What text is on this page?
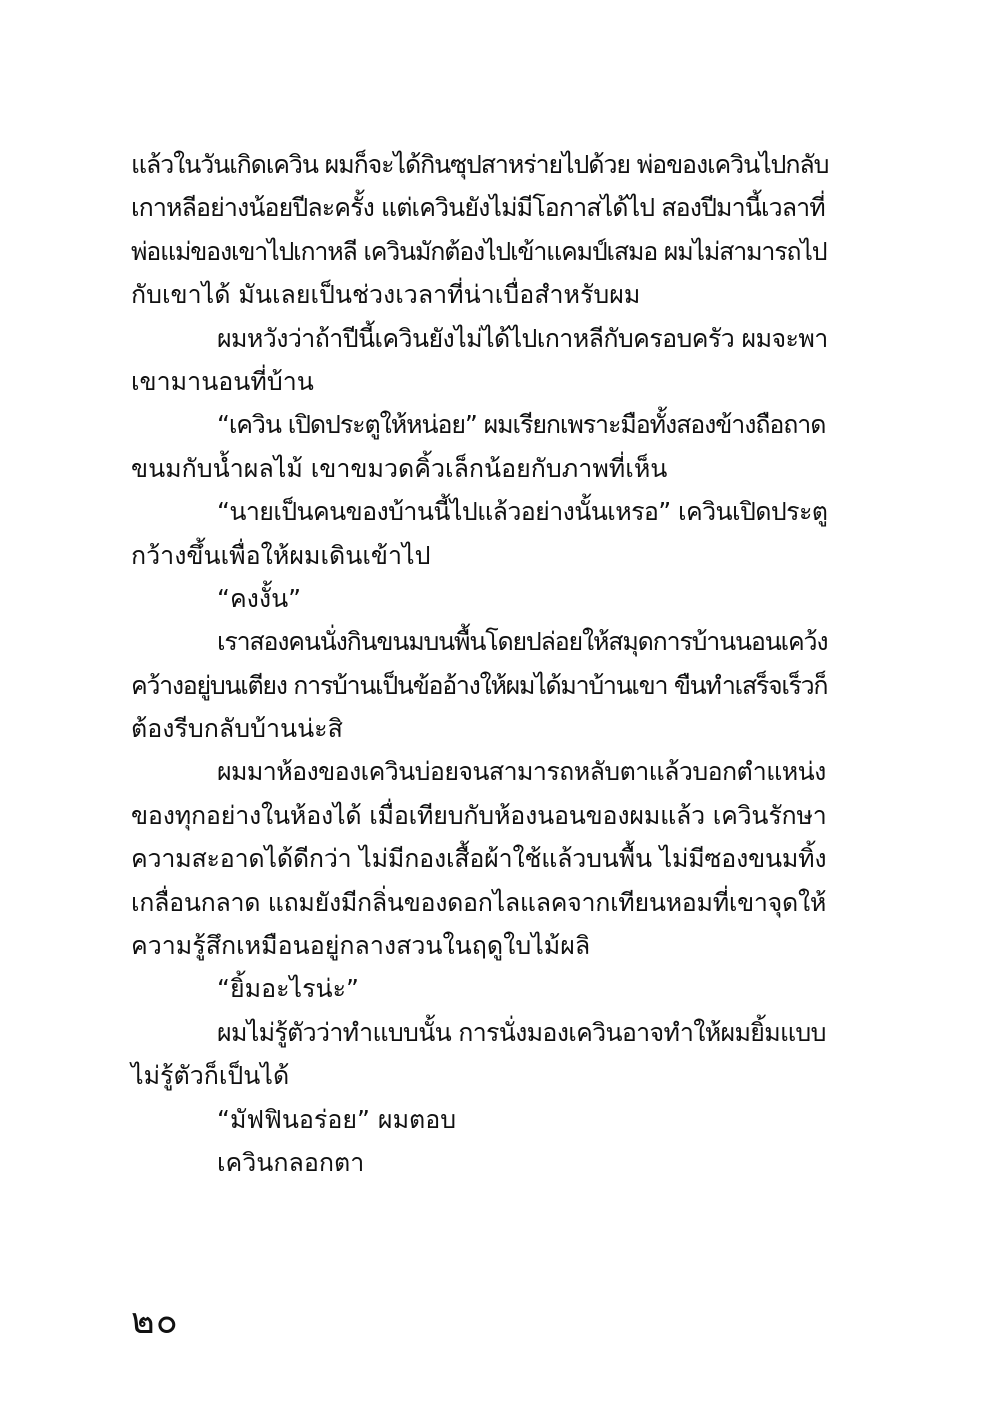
แล้วในวันเกิดเควิน ผมก็จะได้กินซุปสาหร่ายไปด้วย พ่อของเควินไปกลับ
เกาหลีอย่างน้อยปีละครั้ง แต่เควินยังไม่มีโอกาสได้ไป สองปีมานี้เวลาที่
พ่อแม่ของเขาไปเกาหลี เควินมักต้องไปเข้าแคมป์เสมอ ผมไม่สามารถไป
กับเขาได้ มันเลยเป็นช่วงเวลาที่น่าเบื่อสำหรับผม
ผมหวังว่าถ้าปีนี้เควินยังไม่ได้ไปเกาหลีกับครอบครัว ผมจะพา
เขามานอนที่บ้าน
“เควิน เปิดประตูให้หน่อย” ผมเรียกเพราะมือทั้งสองข้างถือถาด
ขนมกับน้ำผลไม้ เขาขมวดคิ้วเล็กน้อยกับภาพที่เห็น
“นายเป็นคนของบ้านนี้ไปแล้วอย่างนั้นเหรอ” เควินเปิดประตู
กว้างขึ้นเพื่อให้ผมเดินเข้าไป
“คงงั้น”
เราสองคนนั่งกินขนมบนพื้นโดยปล่อยให้สมุดการบ้านนอนเคว้ง
คว้างอยู่บนเตียง การบ้านเป็นข้ออ้างให้ผมได้มาบ้านเขา ขืนทำเสร็จเร็วก็
ต้องรีบกลับบ้านน่ะสิ
ผมมาห้องของเควินบ่อยจนสามารถหลับตาแล้วบอกตำแหน่ง
ของทุกอย่างในห้องได้ เมื่อเทียบกับห้องนอนของผมแล้ว เควินรักษา
ความสะอาดได้ดีกว่า ไม่มีกองเสื้อผ้าใช้แล้วบนพื้น ไม่มีซองขนมทิ้ง
เกลื่อนกลาด แถมยังมีกลิ่นของดอกไลแลคจากเทียนหอมที่เขาจุดให้
ความรู้สึกเหมือนอยู่กลางสวนในฤดูใบไม้ผลิ
“ยิ้มอะไรน่ะ”
ผมไม่รู้ตัวว่าทำแบบนั้น การนั่งมองเควินอาจทำให้ผมยิ้มแบบ
ไม่รู้ตัวก็เป็นได้
“มัฟฟินอร่อย” ผมตอบ
เควินกลอกตา
๒๐
